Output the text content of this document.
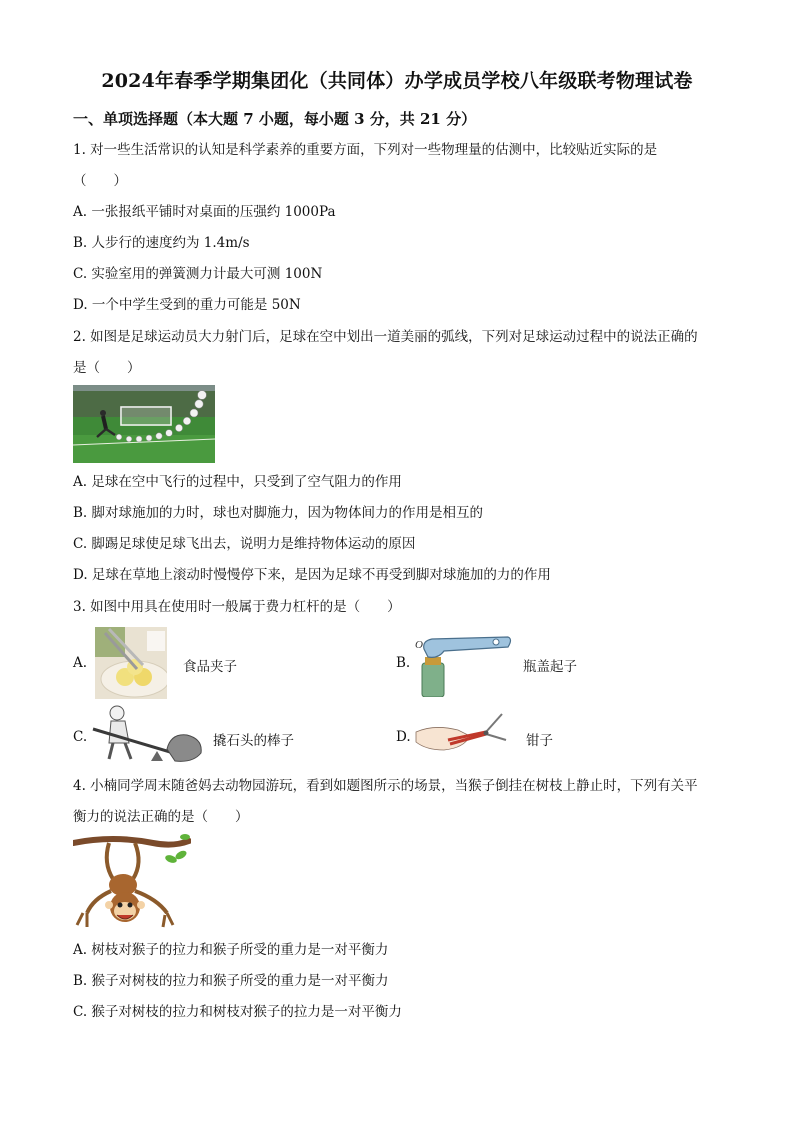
2024年春季学期集团化（共同体）办学成员学校八年级联考物理试卷
一、单项选择题（本大题 7 小题，每小题 3 分，共 21 分）
1. 对一些生活常识的认知是科学素养的重要方面，下列对一些物理量的估测中，比较贴近实际的是
（　　）
A. 一张报纸平铺时对桌面的压强约 1000Pa
B. 人步行的速度约为 1.4m/s
C. 实验室用的弹簧测力计最大可测 100N
D. 一个中学生受到的重力可能是 50N
2. 如图是足球运动员大力射门后，足球在空中划出一道美丽的弧线，下列对足球运动过程中的说法正确的
是（　　）
A. 足球在空中飞行的过程中，只受到了空气阻力的作用
B. 脚对球施加的力时，球也对脚施力，因为物体间力的作用是相互的
C. 脚踢足球使足球飞出去，说明力是维持物体运动的原因
D. 足球在草地上滚动时慢慢停下来，是因为足球不再受到脚对球施加的力的作用
3. 如图中用具在使用时一般属于费力杠杆的是（　　）
A.	食品夹子	B.
O
瓶盖起子
C.	撬石头的棒子	D.	钳子
4. 小楠同学周末随爸妈去动物园游玩，看到如题图所示的场景，当猴子倒挂在树枝上静止时，下列有关平
衡力的说法正确的是（　　）
A. 树枝对猴子的拉力和猴子所受的重力是一对平衡力
B. 猴子对树枝的拉力和猴子所受的重力是一对平衡力
C. 猴子对树枝的拉力和树枝对猴子的拉力是一对平衡力
